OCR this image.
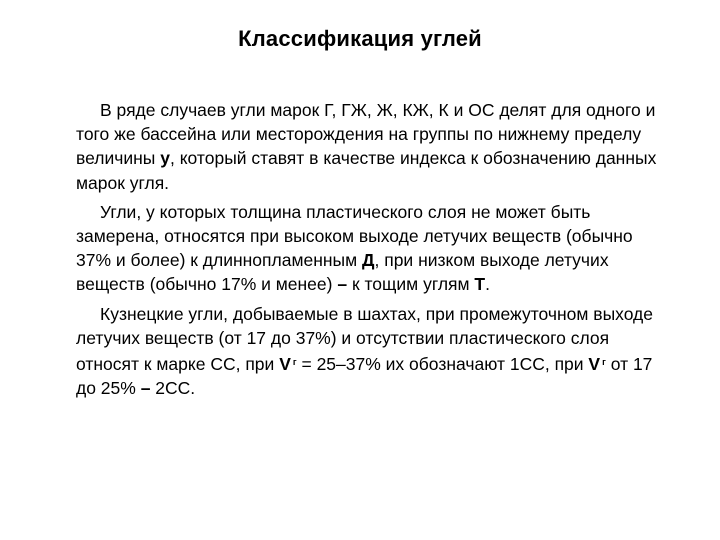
Классификация углей

В ряде случаев угли марок Г, ГЖ, Ж, КЖ, К и ОС делят для одного и того же бассейна или месторождения на группы по нижнему пределу величины у, который ставят в качестве индекса к обозначению данных марок угля.

Угли, у которых толщина пластического слоя не может быть замерена, относятся при высоком выходе летучих веществ (обычно 37% и более) к длиннопламенным Д, при низком выходе летучих веществ (обычно 17% и менее) – к тощим углям Т.

Кузнецкие угли, добываемые в шахтах, при промежуточном выходе летучих веществ (от 17 до 37%) и отсутствии пластического слоя относят к марке СС, при V $^г$ = 25–37% их обозначают 1СС, при V $^г$ от 17 до 25% – 2СС.
